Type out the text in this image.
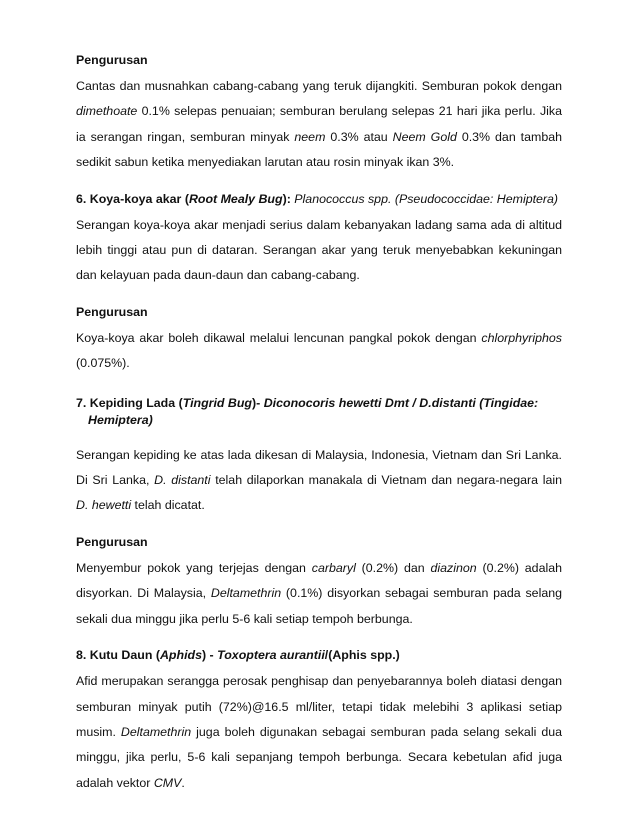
Pengurusan

Cantas dan musnahkan cabang-cabang yang teruk dijangkiti. Semburan pokok dengan dimethoate 0.1% selepas penuaian; semburan berulang selepas 21 hari jika perlu. Jika ia serangan ringan, semburan minyak neem 0.3% atau Neem Gold 0.3% dan tambah sedikit sabun ketika menyediakan larutan atau rosin minyak ikan 3%.

6. Koya-koya akar (Root Mealy Bug): Planococcus spp. (Pseudococcidae: Hemiptera)

Serangan koya-koya akar menjadi serius dalam kebanyakan ladang sama ada di altitud lebih tinggi atau pun di dataran. Serangan akar yang teruk menyebabkan kekuningan dan kelayuan pada daun-daun dan cabang-cabang.

Pengurusan

Koya-koya akar boleh dikawal melalui lencunan pangkal pokok dengan chlorphyriphos (0.075%).

7. Kepiding Lada (Tingrid Bug)- Diconocoris hewetti Dmt / D.distanti (Tingidae: Hemiptera)

Serangan kepiding ke atas lada dikesan di Malaysia, Indonesia, Vietnam dan Sri Lanka. Di Sri Lanka, D. distanti telah dilaporkan manakala di Vietnam dan negara-negara lain D. hewetti telah dicatat.

Pengurusan

Menyembur pokok yang terjejas dengan carbaryl (0.2%) dan diazinon (0.2%) adalah disyorkan. Di Malaysia, Deltamethrin (0.1%) disyorkan sebagai semburan pada selang sekali dua minggu jika perlu 5-6 kali setiap tempoh berbunga.

8. Kutu Daun (Aphids) - Toxoptera aurantii/(Aphis spp.)

Afid merupakan serangga perosak penghisap dan penyebarannya boleh diatasi dengan semburan minyak putih (72%)@16.5 ml/liter, tetapi tidak melebihi 3 aplikasi setiap musim. Deltamethrin juga boleh digunakan sebagai semburan pada selang sekali dua minggu, jika perlu, 5-6 kali sepanjang tempoh berbunga. Secara kebetulan afid juga adalah vektor CMV.
